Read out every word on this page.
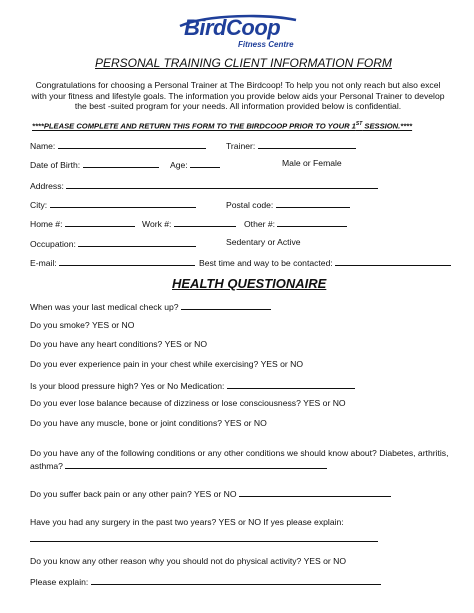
BirdCoop
Fitness Centre
PERSONAL TRAINING CLIENT INFORMATION FORM
Congratulations for choosing a Personal Trainer at The Birdcoop! To help you not only reach but also excel with your fitness and lifestyle goals. The information you provide below aids your Personal Trainer to develop the best -suited program for your needs. All information provided below is confidential.
****PLEASE COMPLETE AND RETURN THIS FORM TO THE BIRDCOOP PRIOR TO YOUR 1ST SESSION.****
Name:	Trainer:
Date of Birth:	Age:	Male or Female
Address:
City:	Postal code:
Home #:	Work #:	Other #:
Occupation:	Sedentary or Active
E-mail:	Best time and way to be contacted:
HEALTH QUESTIONAIRE
When was your last medical check up?
Do you smoke? YES or NO
Do you have any heart conditions? YES or NO
Do you ever experience pain in your chest while exercising? YES or NO
Is your blood pressure high? Yes or No Medication:
Do you ever lose balance because of dizziness or lose consciousness? YES or NO
Do you have any muscle, bone or joint conditions? YES or NO
Do you have any of the following conditions or any other conditions we should know about? Diabetes, arthritis,
asthma?
Do you suffer back pain or any other pain? YES or NO
Have you had any surgery in the past two years? YES or NO If yes please explain:
Do you know any other reason why you should not do physical activity? YES or NO
Please explain:
